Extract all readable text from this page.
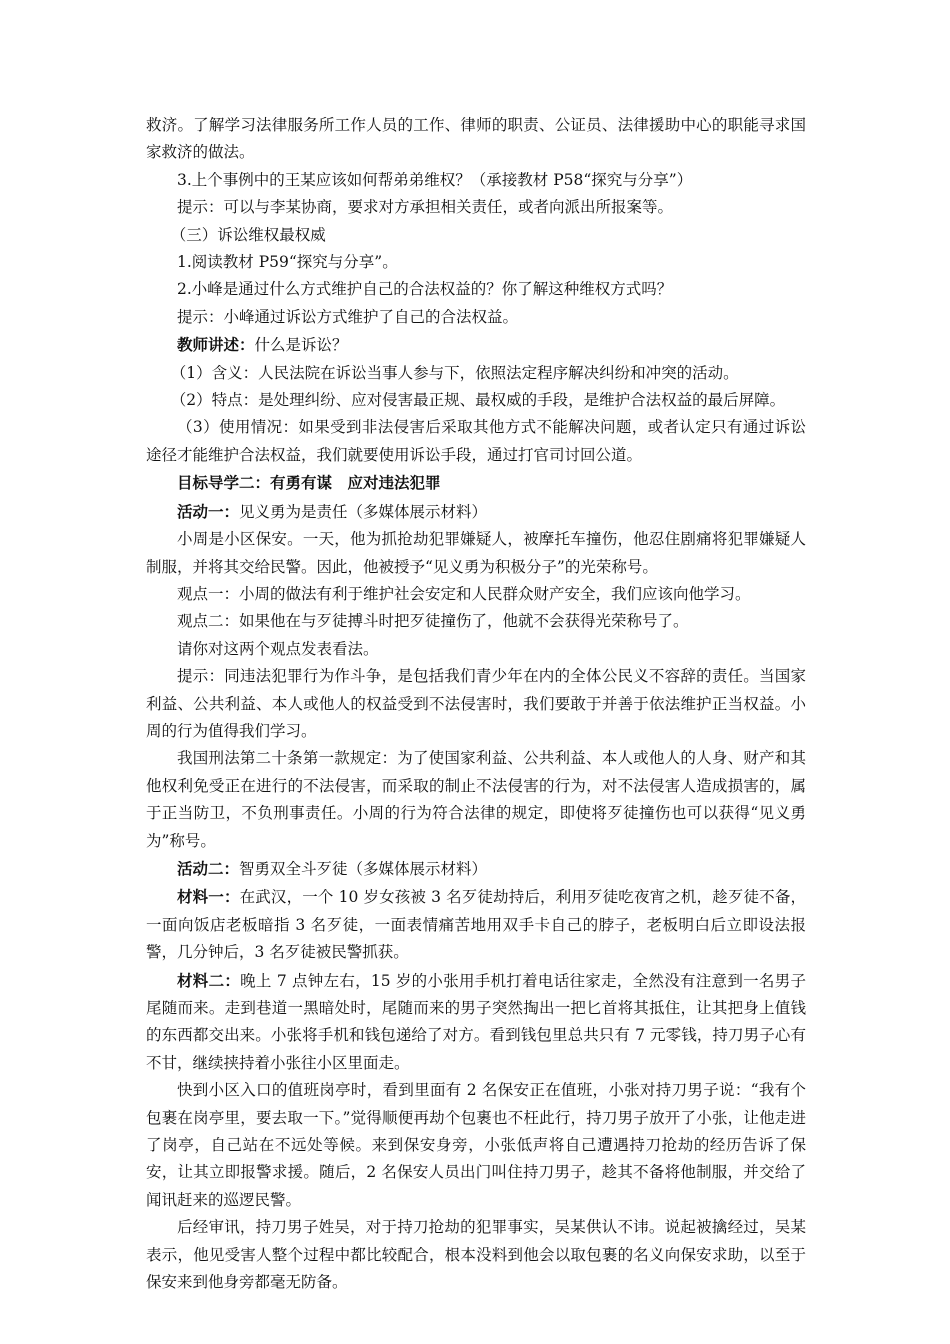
救济。了解学习法律服务所工作人员的工作、律师的职责、公证员、法律援助中心的职能寻求国家救济的做法。

3.上个事例中的王某应该如何帮弟弟维权？（承接教材 P58“探究与分享”）

提示：可以与李某协商，要求对方承担相关责任，或者向派出所报案等。

（三）诉讼维权最权威

1.阅读教材 P59“探究与分享”。

2.小峰是通过什么方式维护自己的合法权益的？你了解这种维权方式吗？

提示：小峰通过诉讼方式维护了自己的合法权益。

教师讲述：什么是诉讼？

（1）含义：人民法院在诉讼当事人参与下，依照法定程序解决纠纷和冲突的活动。

（2）特点：是处理纠纷、应对侵害最正规、最权威的手段，是维护合法权益的最后屏障。

（3）使用情况：如果受到非法侵害后采取其他方式不能解决问题，或者认定只有通过诉讼途径才能维护合法权益，我们就要使用诉讼手段，通过打官司讨回公道。

目标导学二：有勇有谋　应对违法犯罪

活动一：见义勇为是责任（多媒体展示材料）

小周是小区保安。一天，他为抓抢劫犯罪嫌疑人，被摩托车撞伤，他忍住剧痛将犯罪嫌疑人制服，并将其交给民警。因此，他被授予“见义勇为积极分子”的光荣称号。

观点一：小周的做法有利于维护社会安定和人民群众财产安全，我们应该向他学习。

观点二：如果他在与歹徒搏斗时把歹徒撞伤了，他就不会获得光荣称号了。

请你对这两个观点发表看法。

提示：同违法犯罪行为作斗争，是包括我们青少年在内的全体公民义不容辞的责任。当国家利益、公共利益、本人或他人的权益受到不法侵害时，我们要敢于并善于依法维护正当权益。小周的行为值得我们学习。

我国刑法第二十条第一款规定：为了使国家利益、公共利益、本人或他人的人身、财产和其他权利免受正在进行的不法侵害，而采取的制止不法侵害的行为，对不法侵害人造成损害的，属于正当防卫，不负刑事责任。小周的行为符合法律的规定，即使将歹徒撞伤也可以获得“见义勇为”称号。

活动二：智勇双全斗歹徒（多媒体展示材料）

材料一：在武汉，一个 10 岁女孩被 3 名歹徒劫持后，利用歹徒吃夜宵之机，趁歹徒不备，一面向饭店老板暗指 3 名歹徒，一面表情痛苦地用双手卡自己的脖子，老板明白后立即设法报警，几分钟后，3 名歹徒被民警抓获。

材料二：晚上 7 点钟左右，15 岁的小张用手机打着电话往家走，全然没有注意到一名男子尾随而来。走到巷道一黑暗处时，尾随而来的男子突然掏出一把匕首将其抵住，让其把身上值钱的东西都交出来。小张将手机和钱包递给了对方。看到钱包里总共只有 7 元零钱，持刀男子心有不甘，继续挟持着小张往小区里面走。

快到小区入口的值班岗亭时，看到里面有 2 名保安正在值班，小张对持刀男子说：“我有个包裹在岗亭里，要去取一下。”觉得顺便再劫个包裹也不枉此行，持刀男子放开了小张，让他走进了岗亭，自己站在不远处等候。来到保安身旁，小张低声将自己遭遇持刀抢劫的经历告诉了保安，让其立即报警求援。随后，2 名保安人员出门叫住持刀男子，趁其不备将他制服，并交给了闻讯赶来的巡逻民警。

后经审讯，持刀男子姓吴，对于持刀抢劫的犯罪事实，吴某供认不讳。说起被擒经过，吴某表示，他见受害人整个过程中都比较配合，根本没料到他会以取包裹的名义向保安求助，以至于保安来到他身旁都毫无防备。
